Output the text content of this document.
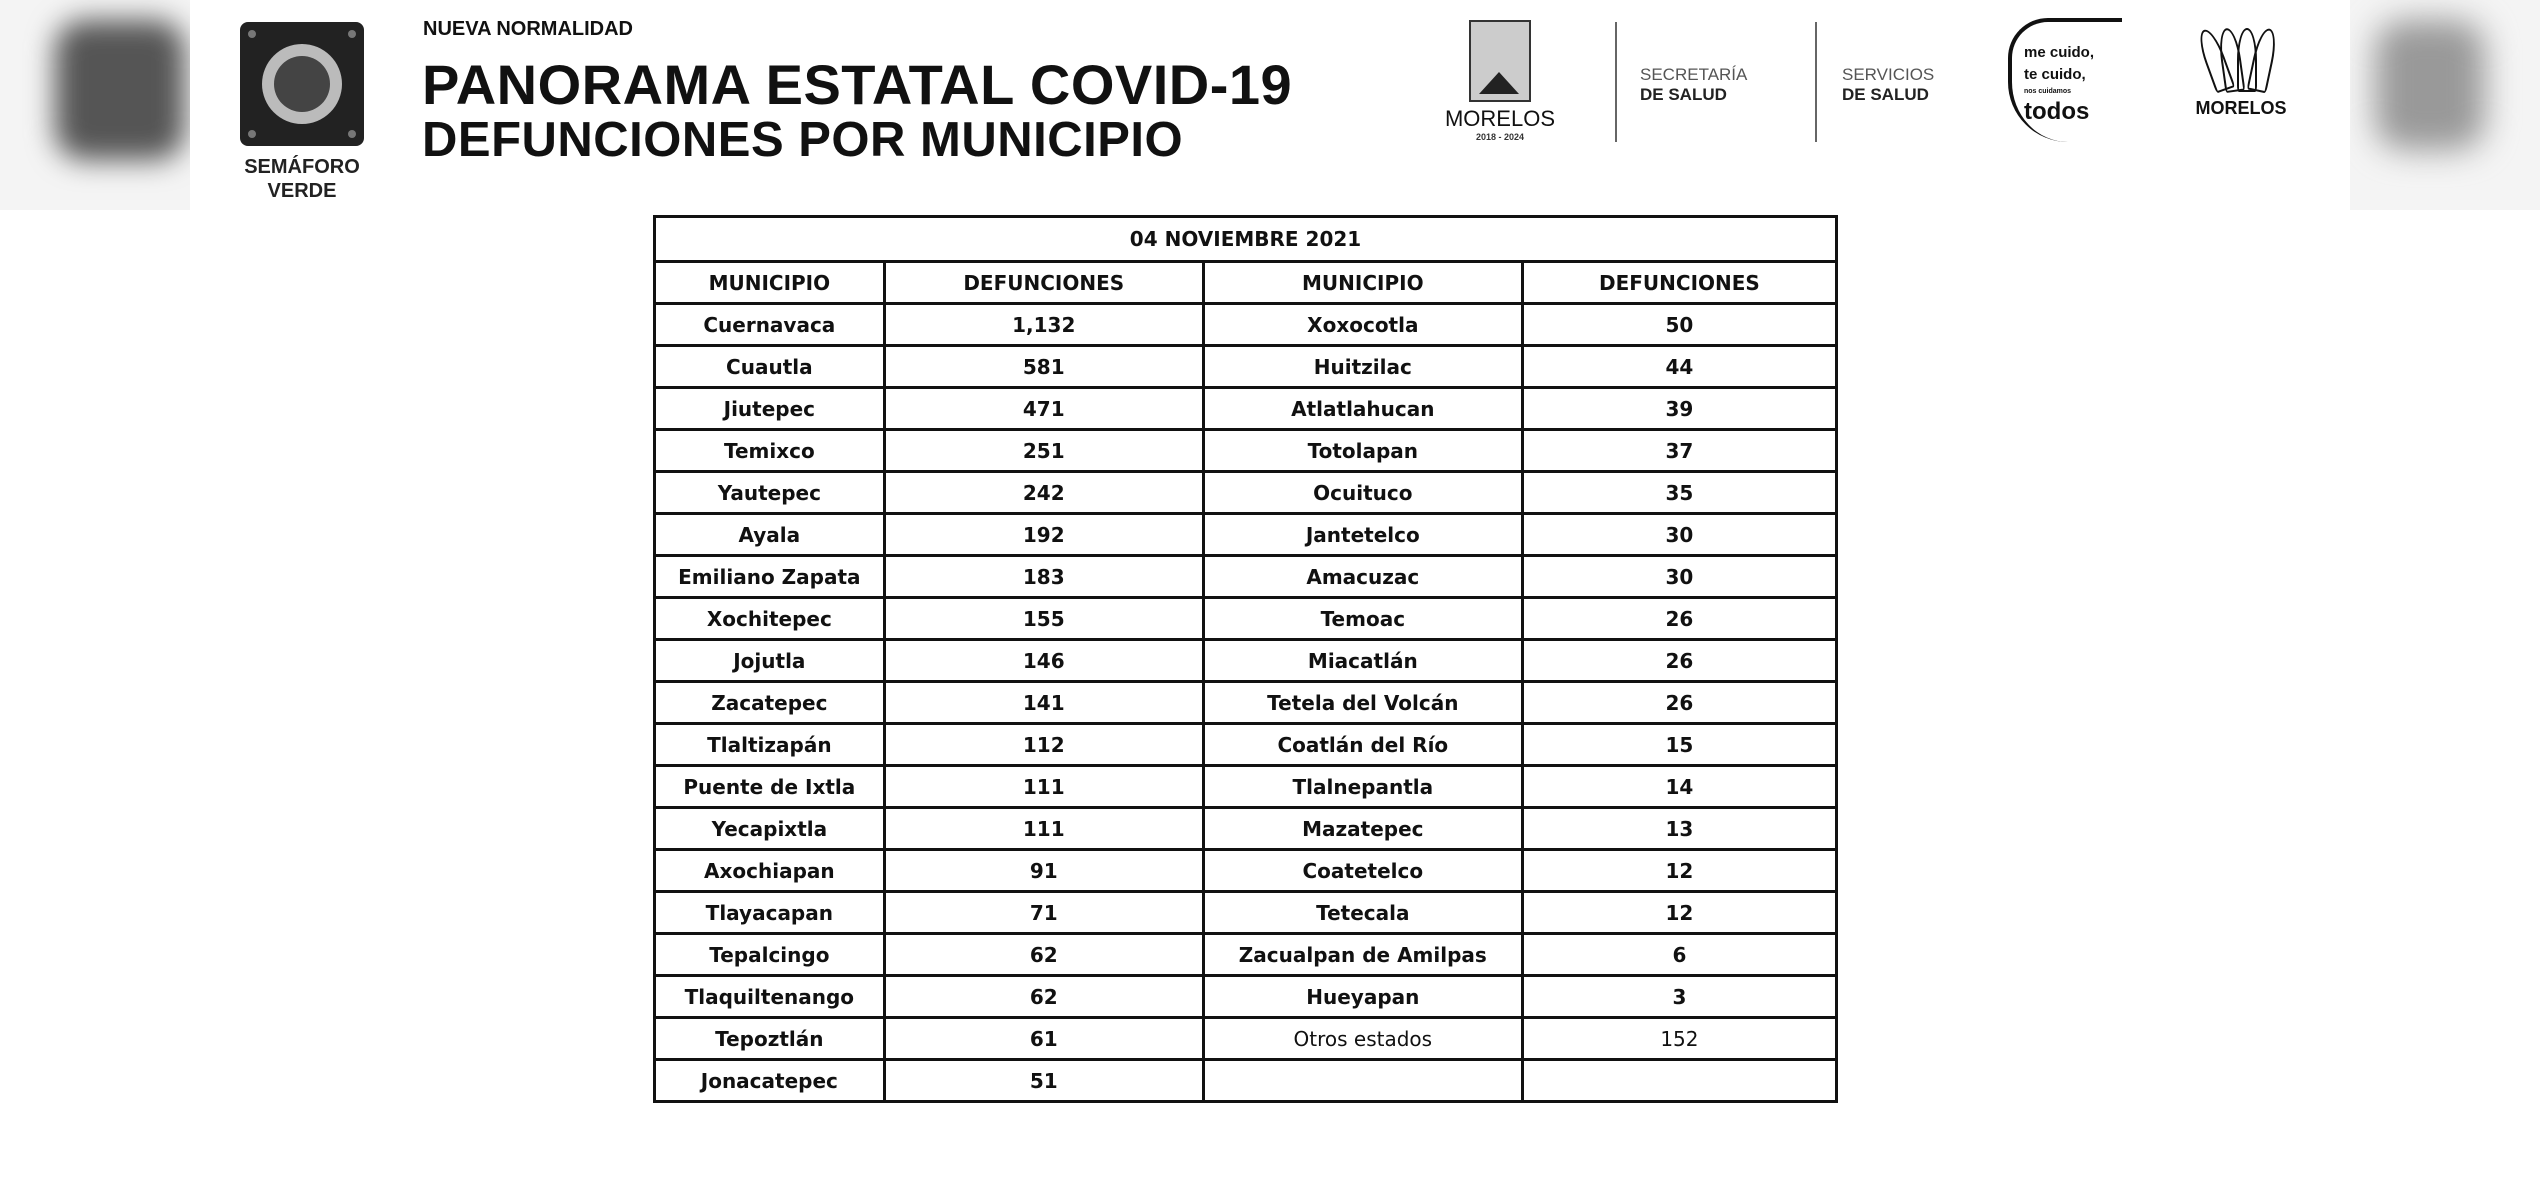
SEMÁFORO
VERDE
NUEVA NORMALIDAD
PANORAMA ESTATAL COVID-19
DEFUNCIONES POR MUNICIPIO	MORELOS
2018 - 2024
SECRETARÍA
DE SALUD
SERVICIOS
DE SALUD
me cuido,
te cuido,
nos cuidamos
todos	MORELOS
04 NOVIEMBRE 2021			
MUNICIPIO	DEFUNCIONES	MUNICIPIO	DEFUNCIONES
Cuernavaca	1,132	Xoxocotla	50
Cuautla	581	Huitzilac	44
Jiutepec	471	Atlatlahucan	39
Temixco	251	Totolapan	37
Yautepec	242	Ocuituco	35
Ayala	192	Jantetelco	30
Emiliano Zapata	183	Amacuzac	30
Xochitepec	155	Temoac	26
Jojutla	146	Miacatlán	26
Zacatepec	141	Tetela del Volcán	26
Tlaltizapán	112	Coatlán del Río	15
Puente de Ixtla	111	Tlalnepantla	14
Yecapixtla	111	Mazatepec	13
Axochiapan	91	Coatetelco	12
Tlayacapan	71	Tetecala	12
Tepalcingo	62	Zacualpan de Amilpas	6
Tlaquiltenango	62	Hueyapan	3
Tepoztlán	61	Otros estados	152
Jonacatepec	51		
